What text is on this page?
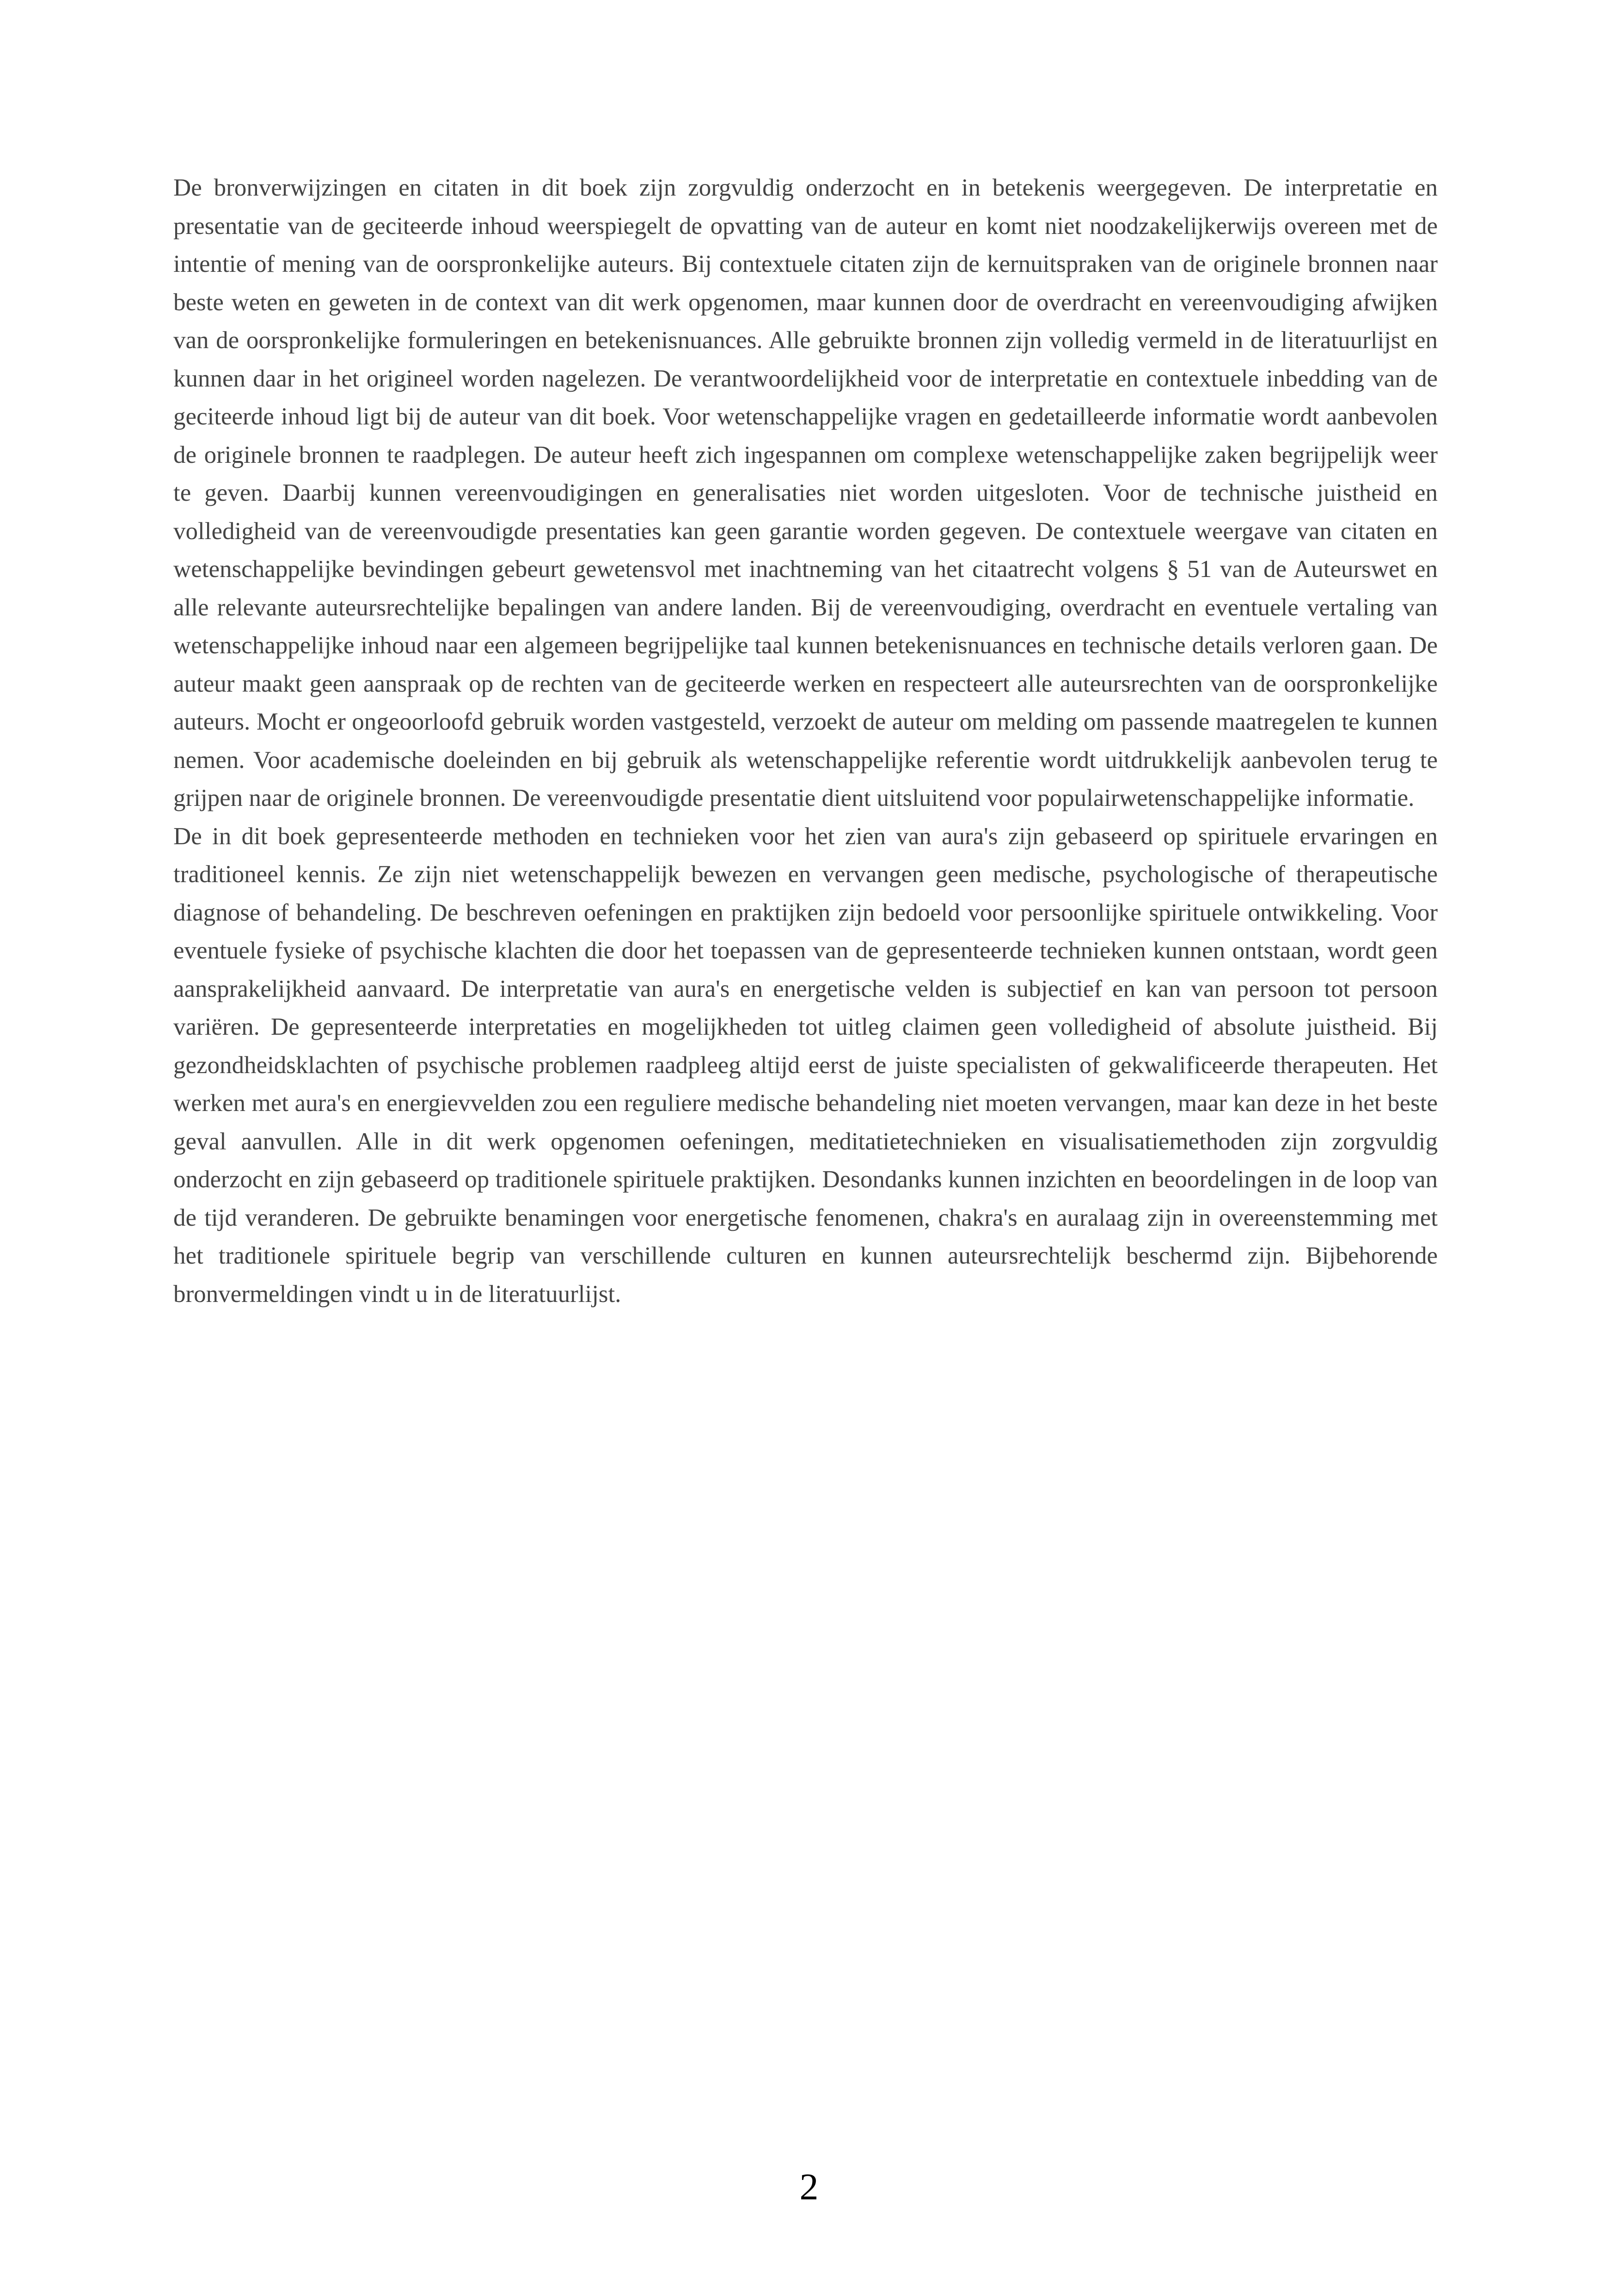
De bronverwijzingen en citaten in dit boek zijn zorgvuldig onderzocht en in betekenis weergegeven. De interpretatie en presentatie van de geciteerde inhoud weerspiegelt de opvatting van de auteur en komt niet noodzakelijkerwijs overeen met de intentie of mening van de oorspronkelijke auteurs. Bij contextuele citaten zijn de kernuitspraken van de originele bronnen naar beste weten en geweten in de context van dit werk opgenomen, maar kunnen door de overdracht en vereenvoudiging afwijken van de oorspronkelijke formuleringen en betekenisnuances. Alle gebruikte bronnen zijn volledig vermeld in de literatuurlijst en kunnen daar in het origineel worden nagelezen. De verantwoordelijkheid voor de interpretatie en contextuele inbedding van de geciteerde inhoud ligt bij de auteur van dit boek. Voor wetenschappelijke vragen en gedetailleerde informatie wordt aanbevolen de originele bronnen te raadplegen. De auteur heeft zich ingespannen om complexe wetenschappelijke zaken begrijpelijk weer te geven. Daarbij kunnen vereenvoudigingen en generalisaties niet worden uitgesloten. Voor de technische juistheid en volledigheid van de vereenvoudigde presentaties kan geen garantie worden gegeven. De contextuele weergave van citaten en wetenschappelijke bevindingen gebeurt gewetensvol met inachtneming van het citaatrecht volgens § 51 van de Auteurswet en alle relevante auteursrechtelijke bepalingen van andere landen. Bij de vereenvoudiging, overdracht en eventuele vertaling van wetenschappelijke inhoud naar een algemeen begrijpelijke taal kunnen betekenisnuances en technische details verloren gaan. De auteur maakt geen aanspraak op de rechten van de geciteerde werken en respecteert alle auteursrechten van de oorspronkelijke auteurs. Mocht er ongeoorloofd gebruik worden vastgesteld, verzoekt de auteur om melding om passende maatregelen te kunnen nemen. Voor academische doeleinden en bij gebruik als wetenschappelijke referentie wordt uitdrukkelijk aanbevolen terug te grijpen naar de originele bronnen. De vereenvoudigde presentatie dient uitsluitend voor populairwetenschappelijke informatie.

De in dit boek gepresenteerde methoden en technieken voor het zien van aura's zijn gebaseerd op spirituele ervaringen en traditioneel kennis. Ze zijn niet wetenschappelijk bewezen en vervangen geen medische, psychologische of therapeutische diagnose of behandeling. De beschreven oefeningen en praktijken zijn bedoeld voor persoonlijke spirituele ontwikkeling. Voor eventuele fysieke of psychische klachten die door het toepassen van de gepresenteerde technieken kunnen ontstaan, wordt geen aansprakelijkheid aanvaard. De interpretatie van aura's en energetische velden is subjectief en kan van persoon tot persoon variëren. De gepresenteerde interpretaties en mogelijkheden tot uitleg claimen geen volledigheid of absolute juistheid. Bij gezondheidsklachten of psychische problemen raadpleeg altijd eerst de juiste specialisten of gekwalificeerde therapeuten. Het werken met aura's en energievvelden zou een reguliere medische behandeling niet moeten vervangen, maar kan deze in het beste geval aanvullen. Alle in dit werk opgenomen oefeningen, meditatietechnieken en visualisatiemethoden zijn zorgvuldig onderzocht en zijn gebaseerd op traditionele spirituele praktijken. Desondanks kunnen inzichten en beoordelingen in de loop van de tijd veranderen. De gebruikte benamingen voor energetische fenomenen, chakra's en auralaag zijn in overeenstemming met het traditionele spirituele begrip van verschillende culturen en kunnen auteursrechtelijk beschermd zijn. Bijbehorende bronvermeldingen vindt u in de literatuurlijst.

2
